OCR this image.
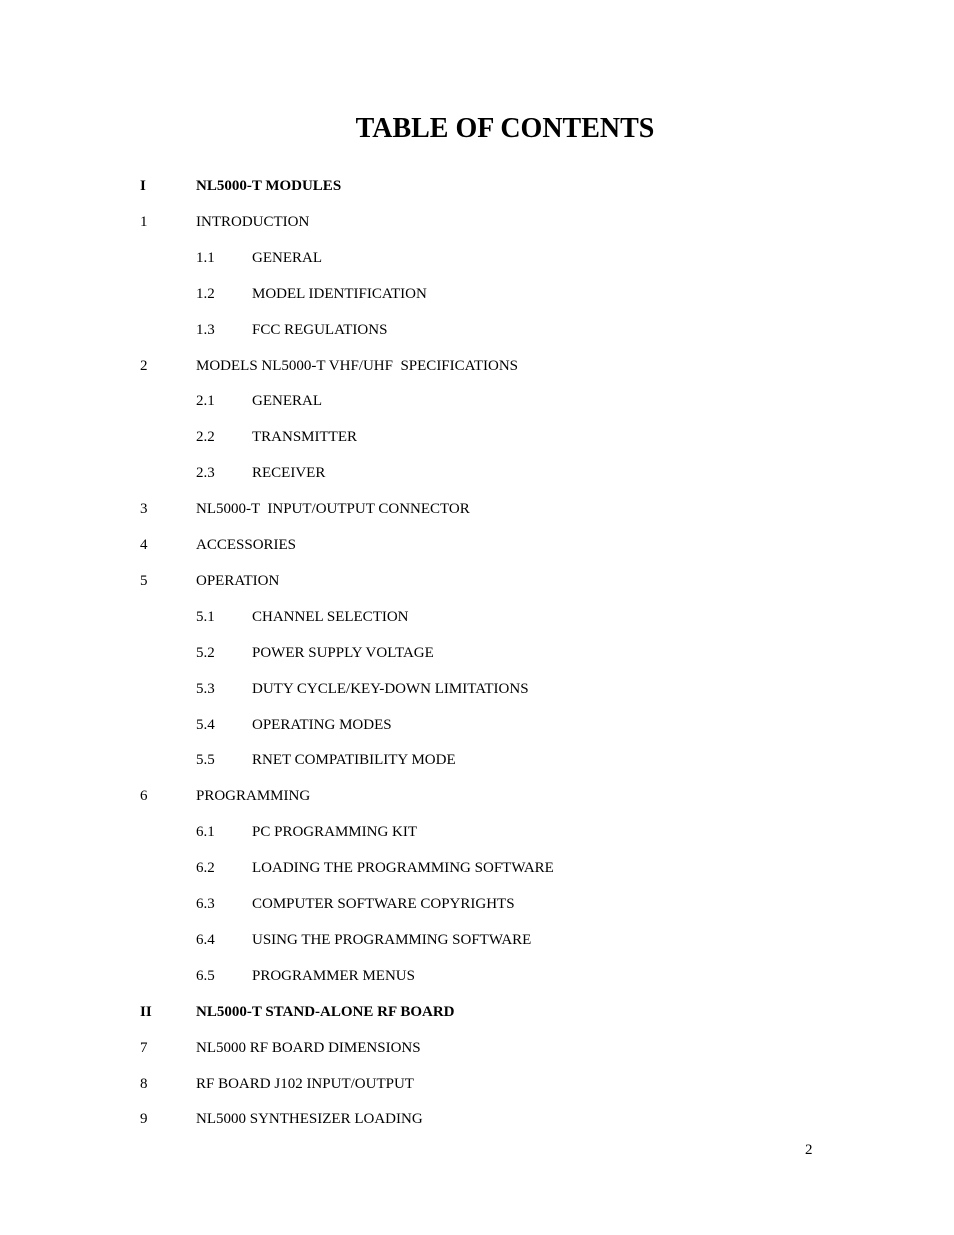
TABLE OF CONTENTS
I	NL5000-T MODULES
1	INTRODUCTION
1.1 GENERAL
1.2 MODEL IDENTIFICATION
1.3 FCC REGULATIONS
2	MODELS NL5000-T VHF/UHF  SPECIFICATIONS
2.1 GENERAL
2.2 TRANSMITTER
2.3 RECEIVER
3	NL5000-T  INPUT/OUTPUT CONNECTOR
4	ACCESSORIES
5	OPERATION
5.1 CHANNEL SELECTION
5.2 POWER SUPPLY VOLTAGE
5.3 DUTY CYCLE/KEY-DOWN LIMITATIONS
5.4 OPERATING MODES
5.5 RNET COMPATIBILITY MODE
6	PROGRAMMING
6.1 PC PROGRAMMING KIT
6.2 LOADING THE PROGRAMMING SOFTWARE
6.3 COMPUTER SOFTWARE COPYRIGHTS
6.4 USING THE PROGRAMMING SOFTWARE
6.5 PROGRAMMER MENUS
II	NL5000-T STAND-ALONE RF BOARD
7	NL5000 RF BOARD DIMENSIONS
8	RF BOARD J102 INPUT/OUTPUT
9	NL5000 SYNTHESIZER LOADING
2
